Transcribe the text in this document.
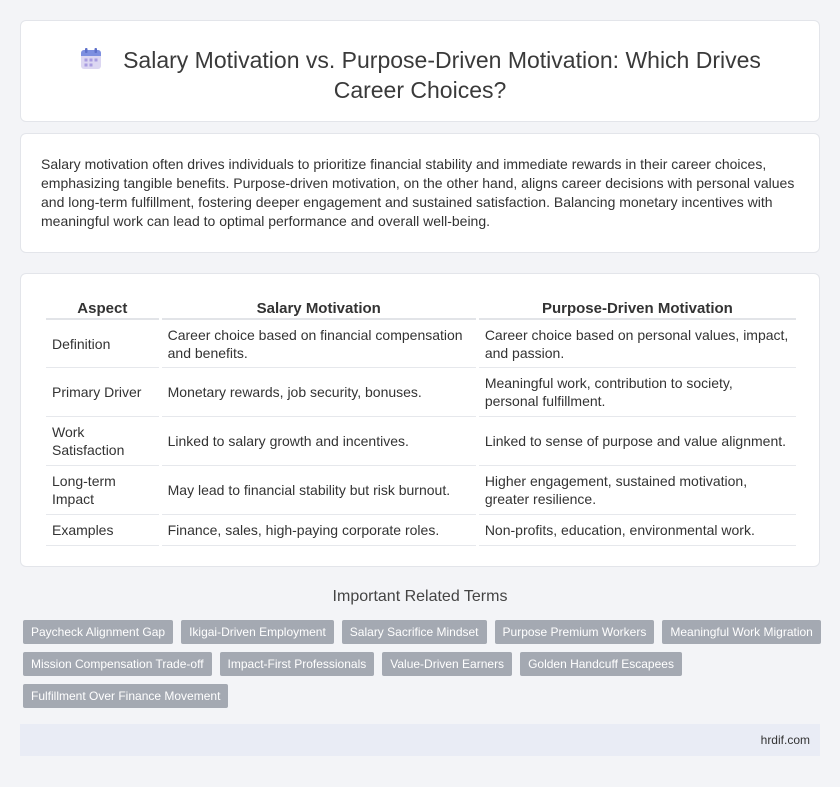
Salary Motivation vs. Purpose-Driven Motivation: Which Drives Career Choices?

Salary motivation often drives individuals to prioritize financial stability and immediate rewards in their career choices, emphasizing tangible benefits. Purpose-driven motivation, on the other hand, aligns career decisions with personal values and long-term fulfillment, fostering deeper engagement and sustained satisfaction. Balancing monetary incentives with meaningful work can lead to optimal performance and overall well-being.

Aspect	Salary Motivation	Purpose-Driven Motivation
Definition	Career choice based on financial compensation and benefits.	Career choice based on personal values, impact, and passion.
Primary Driver	Monetary rewards, job security, bonuses.	Meaningful work, contribution to society, personal fulfillment.
Work Satisfaction	Linked to salary growth and incentives.	Linked to sense of purpose and value alignment.
Long-term Impact	May lead to financial stability but risk burnout.	Higher engagement, sustained motivation, greater resilience.
Examples	Finance, sales, high-paying corporate roles.	Non-profits, education, environmental work.
Important Related Terms
Paycheck Alignment Gap	Ikigai-Driven Employment	Salary Sacrifice Mindset	Purpose Premium Workers	Meaningful Work Migration
Mission Compensation Trade-off	Impact-First Professionals	Value-Driven Earners	Golden Handcuff Escapees
Fulfillment Over Finance Movement
hrdif.com
